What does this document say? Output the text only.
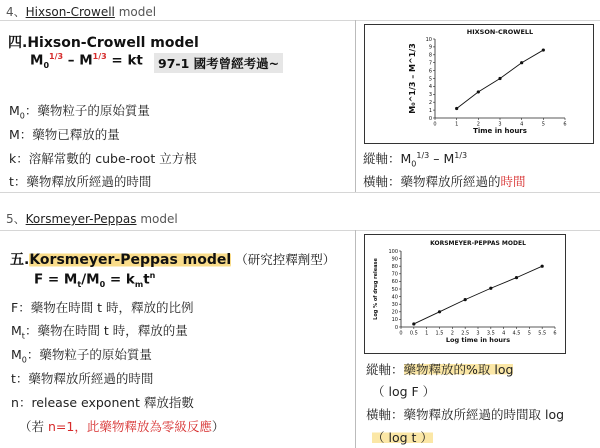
4、Hixson-Crowell model
四.Hixson-Crowell model
$M_0^{1/3} - M^{1/3}$ = kt	97-1 國考曾經考過~
$M_0$：藥物粒子的原始質量
M：藥物已釋放的量
k：溶解常數的 cube-root 立方根
t：藥物釋放所經過的時間
HIXSON-CROWELL
0
1
2
3
4
5
6
7
8
9
10
0	1	2	3	4	5	6
Time in hours
M₀^1/3 – M^1/3
縱軸：$M_0^{1/3} - M^{1/3}$
橫軸：藥物釋放所經過的時間
5、Korsmeyer-Peppas model
五.Korsmeyer-Peppas model （研究控釋劑型）
$F = M_t/M_0 = k_mt^n$
F：藥物在時間 t 時，釋放的比例
$M_t$：藥物在時間 t 時，釋放的量
$M_0$：藥物粒子的原始質量
t：藥物釋放所經過的時間
n：release exponent 釋放指數
（若 n=1，此藥物釋放為零級反應）
KORSMEYER-PEPPAS MODEL
0
10
20
30
40
50
60
70
80
90
100
0 0.5 1 1.5 2 2.5 3 3.5 4 4.5 5 5.5 6
Log time in hours
Log % of drug release
縱軸：藥物釋放的%取 log
（ log F ）
橫軸：藥物釋放所經過的時間取 log
（ log t ）
